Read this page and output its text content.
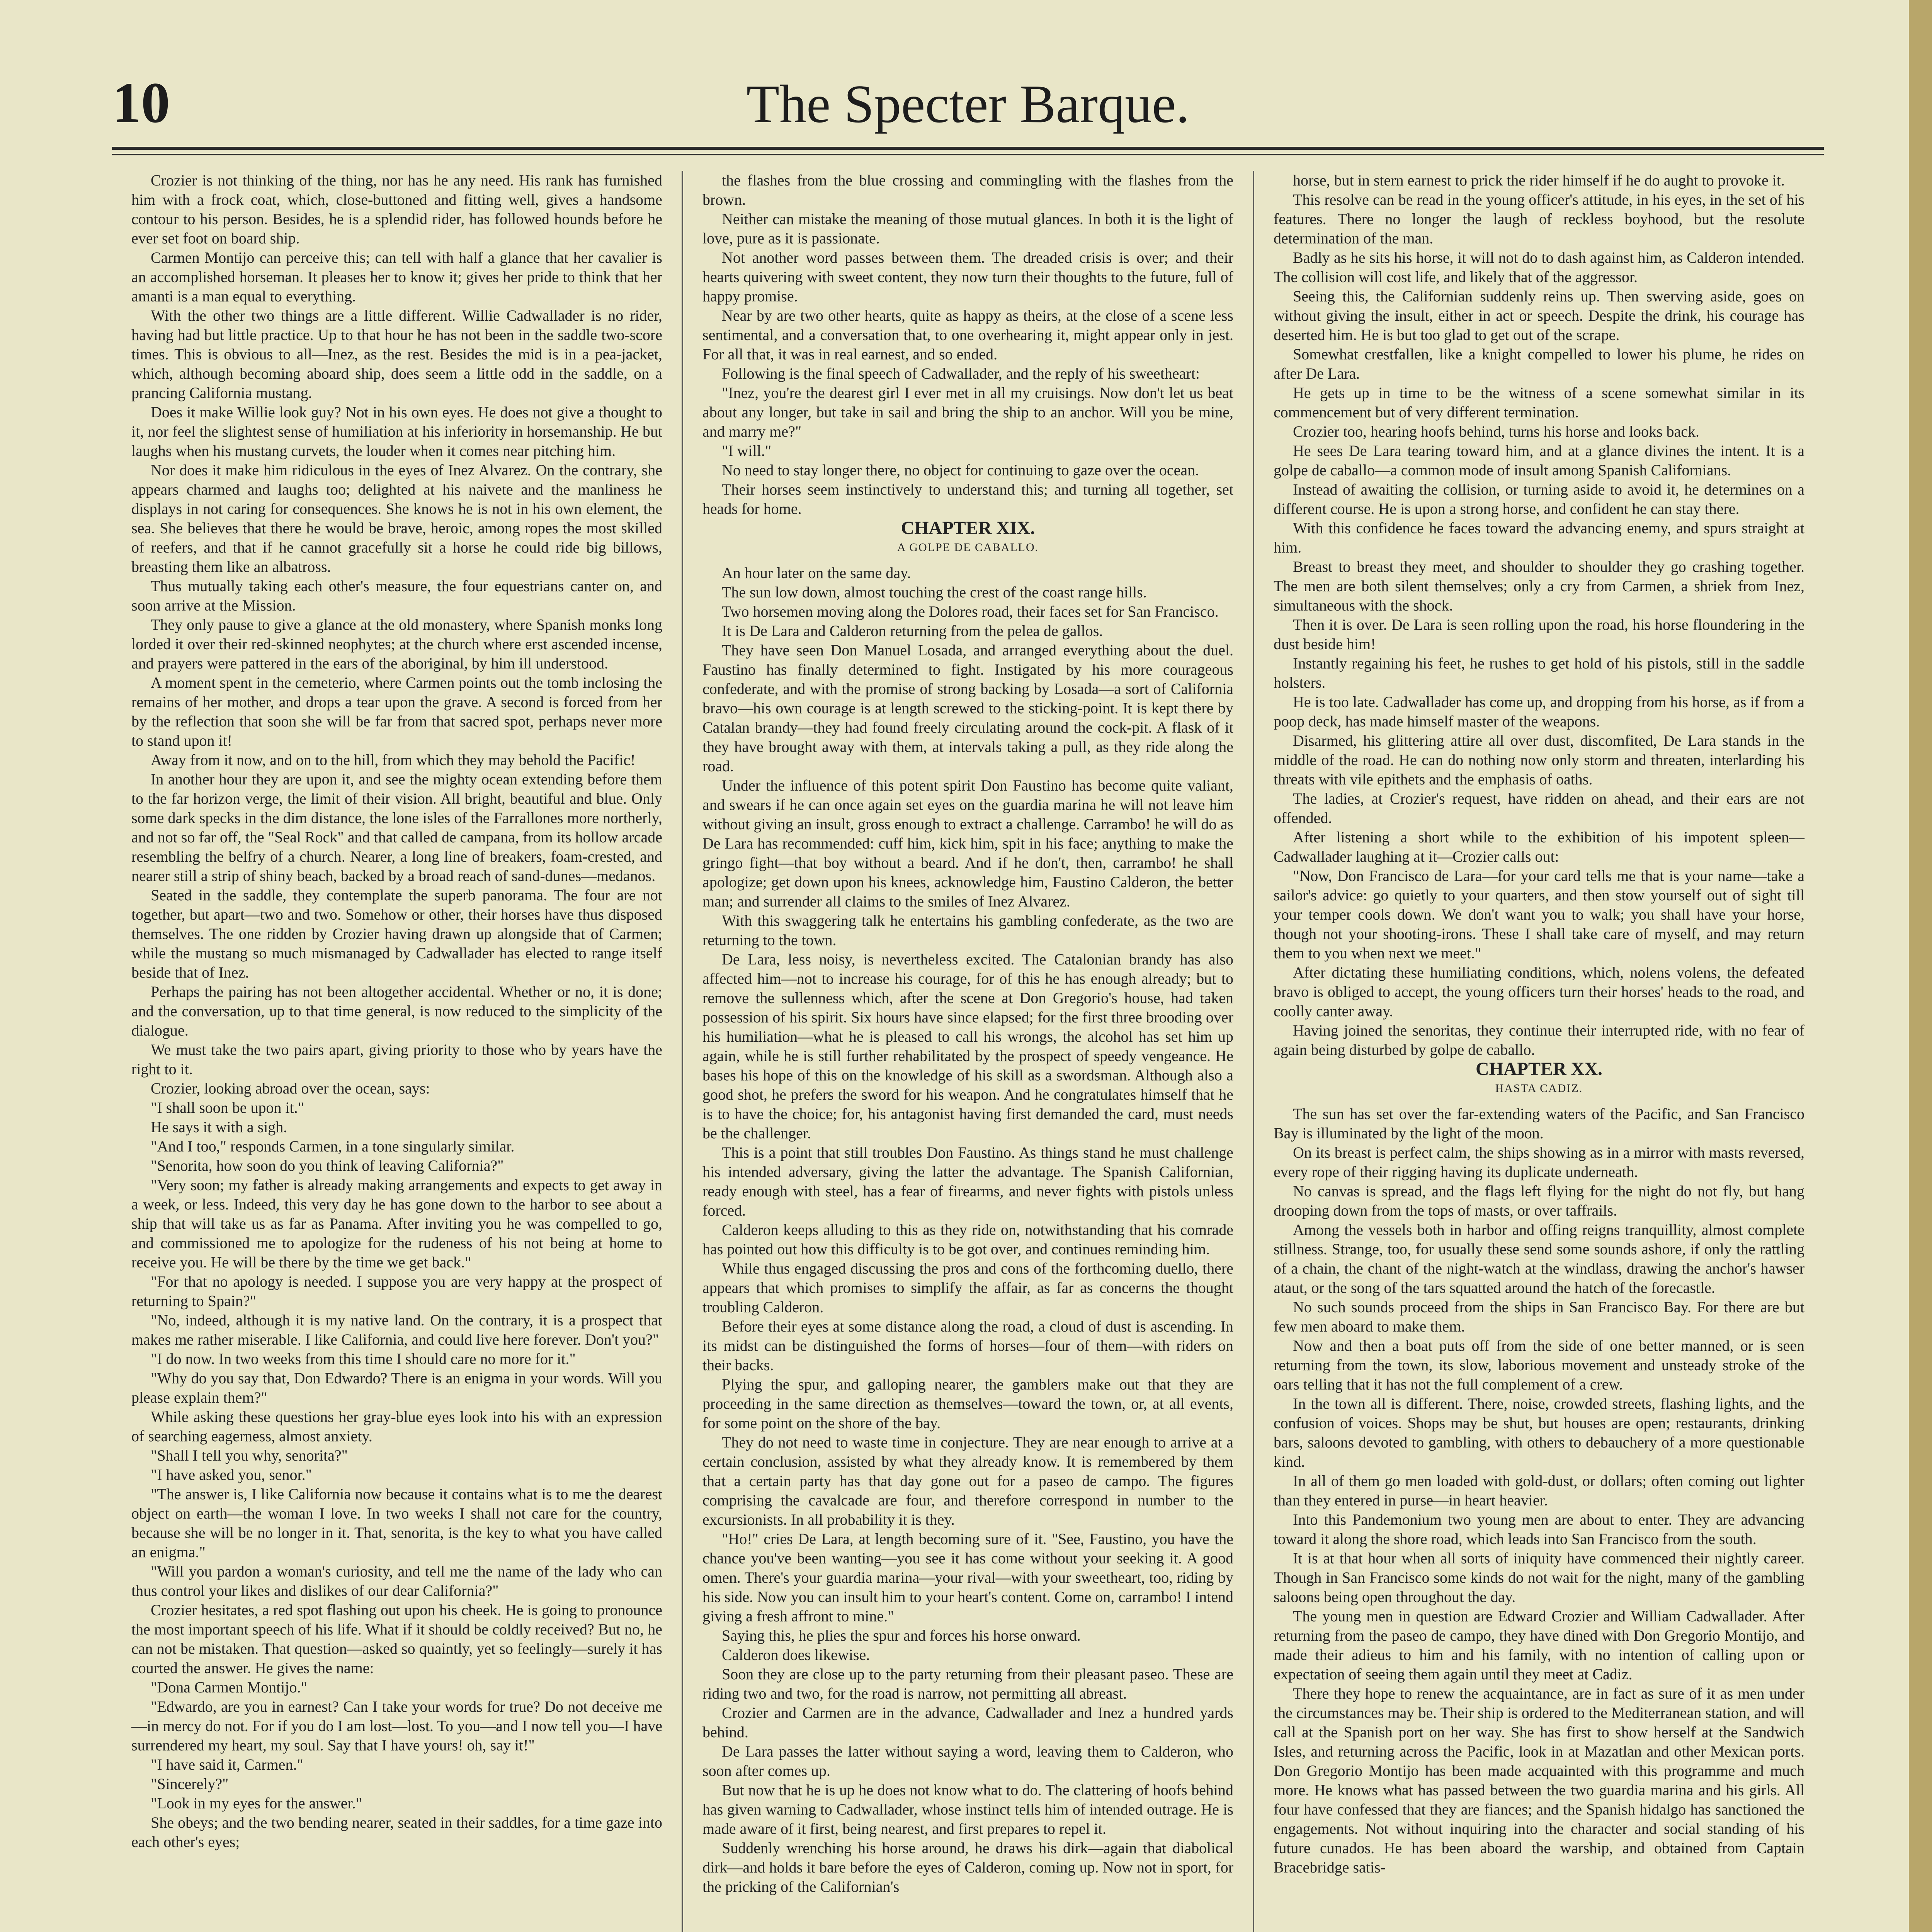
10	The Specter Barque.

Crozier is not thinking of the thing, nor has he any need. His rank has furnished him with a frock coat, which, close-buttoned and fitting well, gives a handsome contour to his person. Besides, he is a splendid rider, has followed hounds before he ever set foot on board ship.

Carmen Montijo can perceive this; can tell with half a glance that her cavalier is an accomplished horseman. It pleases her to know it; gives her pride to think that her amanti is a man equal to everything.

With the other two things are a little different. Willie Cadwallader is no rider, having had but little practice. Up to that hour he has not been in the saddle two-score times. This is obvious to all—Inez, as the rest. Besides the mid is in a pea-jacket, which, although becoming aboard ship, does seem a little odd in the saddle, on a prancing California mustang.

Does it make Willie look guy? Not in his own eyes. He does not give a thought to it, nor feel the slightest sense of humiliation at his inferiority in horsemanship. He but laughs when his mustang curvets, the louder when it comes near pitching him.

Nor does it make him ridiculous in the eyes of Inez Alvarez. On the contrary, she appears charmed and laughs too; delighted at his naivete and the manliness he displays in not caring for consequences. She knows he is not in his own element, the sea. She believes that there he would be brave, heroic, among ropes the most skilled of reefers, and that if he cannot gracefully sit a horse he could ride big billows, breasting them like an albatross.

Thus mutually taking each other's measure, the four equestrians canter on, and soon arrive at the Mission.

They only pause to give a glance at the old monastery, where Spanish monks long lorded it over their red-skinned neophytes; at the church where erst ascended incense, and prayers were pattered in the ears of the aboriginal, by him ill understood.

A moment spent in the cemeterio, where Carmen points out the tomb inclosing the remains of her mother, and drops a tear upon the grave. A second is forced from her by the reflection that soon she will be far from that sacred spot, perhaps never more to stand upon it!

Away from it now, and on to the hill, from which they may behold the Pacific!

In another hour they are upon it, and see the mighty ocean extending before them to the far horizon verge, the limit of their vision. All bright, beautiful and blue. Only some dark specks in the dim distance, the lone isles of the Farrallones more northerly, and not so far off, the "Seal Rock" and that called de campana, from its hollow arcade resembling the belfry of a church. Nearer, a long line of breakers, foam-crested, and nearer still a strip of shiny beach, backed by a broad reach of sand-dunes—medanos.

Seated in the saddle, they contemplate the superb panorama. The four are not together, but apart—two and two. Somehow or other, their horses have thus disposed themselves. The one ridden by Crozier having drawn up alongside that of Carmen; while the mustang so much mismanaged by Cadwallader has elected to range itself beside that of Inez.

Perhaps the pairing has not been altogether accidental. Whether or no, it is done; and the conversation, up to that time general, is now reduced to the simplicity of the dialogue.

We must take the two pairs apart, giving priority to those who by years have the right to it.

Crozier, looking abroad over the ocean, says:

"I shall soon be upon it."

He says it with a sigh.

"And I too," responds Carmen, in a tone singularly similar.

"Senorita, how soon do you think of leaving California?"

"Very soon; my father is already making arrangements and expects to get away in a week, or less. Indeed, this very day he has gone down to the harbor to see about a ship that will take us as far as Panama. After inviting you he was compelled to go, and commissioned me to apologize for the rudeness of his not being at home to receive you. He will be there by the time we get back."

"For that no apology is needed. I suppose you are very happy at the prospect of returning to Spain?"

"No, indeed, although it is my native land. On the contrary, it is a prospect that makes me rather miserable. I like California, and could live here forever. Don't you?"

"I do now. In two weeks from this time I should care no more for it."

"Why do you say that, Don Edwardo? There is an enigma in your words. Will you please explain them?"

While asking these questions her gray-blue eyes look into his with an expression of searching eagerness, almost anxiety.

"Shall I tell you why, senorita?"

"I have asked you, senor."

"The answer is, I like California now because it contains what is to me the dearest object on earth—the woman I love. In two weeks I shall not care for the country, because she will be no longer in it. That, senorita, is the key to what you have called an enigma."

"Will you pardon a woman's curiosity, and tell me the name of the lady who can thus control your likes and dislikes of our dear California?"

Crozier hesitates, a red spot flashing out upon his cheek. He is going to pronounce the most important speech of his life. What if it should be coldly received? But no, he can not be mistaken. That question—asked so quaintly, yet so feelingly—surely it has courted the answer. He gives the name:

"Dona Carmen Montijo."

"Edwardo, are you in earnest? Can I take your words for true? Do not deceive me—in mercy do not. For if you do I am lost—lost. To you—and I now tell you—I have surrendered my heart, my soul. Say that I have yours! oh, say it!"

"I have said it, Carmen."

"Sincerely?"

"Look in my eyes for the answer."

She obeys; and the two bending nearer, seated in their saddles, for a time gaze into each other's eyes;

the flashes from the blue crossing and commingling with the flashes from the brown.

Neither can mistake the meaning of those mutual glances. In both it is the light of love, pure as it is passionate.

Not another word passes between them. The dreaded crisis is over; and their hearts quivering with sweet content, they now turn their thoughts to the future, full of happy promise.

Near by are two other hearts, quite as happy as theirs, at the close of a scene less sentimental, and a conversation that, to one overhearing it, might appear only in jest. For all that, it was in real earnest, and so ended.

Following is the final speech of Cadwallader, and the reply of his sweetheart:

"Inez, you're the dearest girl I ever met in all my cruisings. Now don't let us beat about any longer, but take in sail and bring the ship to an anchor. Will you be mine, and marry me?"

"I will."

No need to stay longer there, no object for continuing to gaze over the ocean.

Their horses seem instinctively to understand this; and turning all together, set heads for home.

CHAPTER XIX.

A GOLPE DE CABALLO.

An hour later on the same day.

The sun low down, almost touching the crest of the coast range hills.

Two horsemen moving along the Dolores road, their faces set for San Francisco.

It is De Lara and Calderon returning from the pelea de gallos.

They have seen Don Manuel Losada, and arranged everything about the duel. Faustino has finally determined to fight. Instigated by his more courageous confederate, and with the promise of strong backing by Losada—a sort of California bravo—his own courage is at length screwed to the sticking-point. It is kept there by Catalan brandy—they had found freely circulating around the cock-pit. A flask of it they have brought away with them, at intervals taking a pull, as they ride along the road.

Under the influence of this potent spirit Don Faustino has become quite valiant, and swears if he can once again set eyes on the guardia marina he will not leave him without giving an insult, gross enough to extract a challenge. Carrambo! he will do as De Lara has recommended: cuff him, kick him, spit in his face; anything to make the gringo fight—that boy without a beard. And if he don't, then, carrambo! he shall apologize; get down upon his knees, acknowledge him, Faustino Calderon, the better man; and surrender all claims to the smiles of Inez Alvarez.

With this swaggering talk he entertains his gambling confederate, as the two are returning to the town.

De Lara, less noisy, is nevertheless excited. The Catalonian brandy has also affected him—not to increase his courage, for of this he has enough already; but to remove the sullenness which, after the scene at Don Gregorio's house, had taken possession of his spirit. Six hours have since elapsed; for the first three brooding over his humiliation—what he is pleased to call his wrongs, the alcohol has set him up again, while he is still further rehabilitated by the prospect of speedy vengeance. He bases his hope of this on the knowledge of his skill as a swordsman. Although also a good shot, he prefers the sword for his weapon. And he congratulates himself that he is to have the choice; for, his antagonist having first demanded the card, must needs be the challenger.

This is a point that still troubles Don Faustino. As things stand he must challenge his intended adversary, giving the latter the advantage. The Spanish Californian, ready enough with steel, has a fear of firearms, and never fights with pistols unless forced.

Calderon keeps alluding to this as they ride on, notwithstanding that his comrade has pointed out how this difficulty is to be got over, and continues reminding him.

While thus engaged discussing the pros and cons of the forthcoming duello, there appears that which promises to simplify the affair, as far as concerns the thought troubling Calderon.

Before their eyes at some distance along the road, a cloud of dust is ascending. In its midst can be distinguished the forms of horses—four of them—with riders on their backs.

Plying the spur, and galloping nearer, the gamblers make out that they are proceeding in the same direction as themselves—toward the town, or, at all events, for some point on the shore of the bay.

They do not need to waste time in conjecture. They are near enough to arrive at a certain conclusion, assisted by what they already know. It is remembered by them that a certain party has that day gone out for a paseo de campo. The figures comprising the cavalcade are four, and therefore correspond in number to the excursionists. In all probability it is they.

"Ho!" cries De Lara, at length becoming sure of it. "See, Faustino, you have the chance you've been wanting—you see it has come without your seeking it. A good omen. There's your guardia marina—your rival—with your sweetheart, too, riding by his side. Now you can insult him to your heart's content. Come on, carrambo! I intend giving a fresh affront to mine."

Saying this, he plies the spur and forces his horse onward.

Calderon does likewise.

Soon they are close up to the party returning from their pleasant paseo. These are riding two and two, for the road is narrow, not permitting all abreast.

Crozier and Carmen are in the advance, Cadwallader and Inez a hundred yards behind.

De Lara passes the latter without saying a word, leaving them to Calderon, who soon after comes up.

But now that he is up he does not know what to do. The clattering of hoofs behind has given warning to Cadwallader, whose instinct tells him of intended outrage. He is made aware of it first, being nearest, and first prepares to repel it.

Suddenly wrenching his horse around, he draws his dirk—again that diabolical dirk—and holds it bare before the eyes of Calderon, coming up. Now not in sport, for the pricking of the Californian's

horse, but in stern earnest to prick the rider himself if he do aught to provoke it.

This resolve can be read in the young officer's attitude, in his eyes, in the set of his features. There no longer the laugh of reckless boyhood, but the resolute determination of the man.

Badly as he sits his horse, it will not do to dash against him, as Calderon intended. The collision will cost life, and likely that of the aggressor.

Seeing this, the Californian suddenly reins up. Then swerving aside, goes on without giving the insult, either in act or speech. Despite the drink, his courage has deserted him. He is but too glad to get out of the scrape.

Somewhat crestfallen, like a knight compelled to lower his plume, he rides on after De Lara.

He gets up in time to be the witness of a scene somewhat similar in its commencement but of very different termination.

Crozier too, hearing hoofs behind, turns his horse and looks back.

He sees De Lara tearing toward him, and at a glance divines the intent. It is a golpe de caballo—a common mode of insult among Spanish Californians.

Instead of awaiting the collision, or turning aside to avoid it, he determines on a different course. He is upon a strong horse, and confident he can stay there.

With this confidence he faces toward the advancing enemy, and spurs straight at him.

Breast to breast they meet, and shoulder to shoulder they go crashing together. The men are both silent themselves; only a cry from Carmen, a shriek from Inez, simultaneous with the shock.

Then it is over. De Lara is seen rolling upon the road, his horse floundering in the dust beside him!

Instantly regaining his feet, he rushes to get hold of his pistols, still in the saddle holsters.

He is too late. Cadwallader has come up, and dropping from his horse, as if from a poop deck, has made himself master of the weapons.

Disarmed, his glittering attire all over dust, discomfited, De Lara stands in the middle of the road. He can do nothing now only storm and threaten, interlarding his threats with vile epithets and the emphasis of oaths.

The ladies, at Crozier's request, have ridden on ahead, and their ears are not offended.

After listening a short while to the exhibition of his impotent spleen—Cadwallader laughing at it—Crozier calls out:

"Now, Don Francisco de Lara—for your card tells me that is your name—take a sailor's advice: go quietly to your quarters, and then stow yourself out of sight till your temper cools down. We don't want you to walk; you shall have your horse, though not your shooting-irons. These I shall take care of myself, and may return them to you when next we meet."

After dictating these humiliating conditions, which, nolens volens, the defeated bravo is obliged to accept, the young officers turn their horses' heads to the road, and coolly canter away.

Having joined the senoritas, they continue their interrupted ride, with no fear of again being disturbed by golpe de caballo.

CHAPTER XX.

HASTA CADIZ.

The sun has set over the far-extending waters of the Pacific, and San Francisco Bay is illuminated by the light of the moon.

On its breast is perfect calm, the ships showing as in a mirror with masts reversed, every rope of their rigging having its duplicate underneath.

No canvas is spread, and the flags left flying for the night do not fly, but hang drooping down from the tops of masts, or over taffrails.

Among the vessels both in harbor and offing reigns tranquillity, almost complete stillness. Strange, too, for usually these send some sounds ashore, if only the rattling of a chain, the chant of the night-watch at the windlass, drawing the anchor's hawser ataut, or the song of the tars squatted around the hatch of the forecastle.

No such sounds proceed from the ships in San Francisco Bay. For there are but few men aboard to make them.

Now and then a boat puts off from the side of one better manned, or is seen returning from the town, its slow, laborious movement and unsteady stroke of the oars telling that it has not the full complement of a crew.

In the town all is different. There, noise, crowded streets, flashing lights, and the confusion of voices. Shops may be shut, but houses are open; restaurants, drinking bars, saloons devoted to gambling, with others to debauchery of a more questionable kind.

In all of them go men loaded with gold-dust, or dollars; often coming out lighter than they entered in purse—in heart heavier.

Into this Pandemonium two young men are about to enter. They are advancing toward it along the shore road, which leads into San Francisco from the south.

It is at that hour when all sorts of iniquity have commenced their nightly career. Though in San Francisco some kinds do not wait for the night, many of the gambling saloons being open throughout the day.

The young men in question are Edward Crozier and William Cadwallader. After returning from the paseo de campo, they have dined with Don Gregorio Montijo, and made their adieus to him and his family, with no intention of calling upon or expectation of seeing them again until they meet at Cadiz.

There they hope to renew the acquaintance, are in fact as sure of it as men under the circumstances may be. Their ship is ordered to the Mediterranean station, and will call at the Spanish port on her way. She has first to show herself at the Sandwich Isles, and returning across the Pacific, look in at Mazatlan and other Mexican ports. Don Gregorio Montijo has been made acquainted with this programme and much more. He knows what has passed between the two guardia marina and his girls. All four have confessed that they are fiances; and the Spanish hidalgo has sanctioned the engagements. Not without inquiring into the character and social standing of his future cunados. He has been aboard the warship, and obtained from Captain Bracebridge satis-
